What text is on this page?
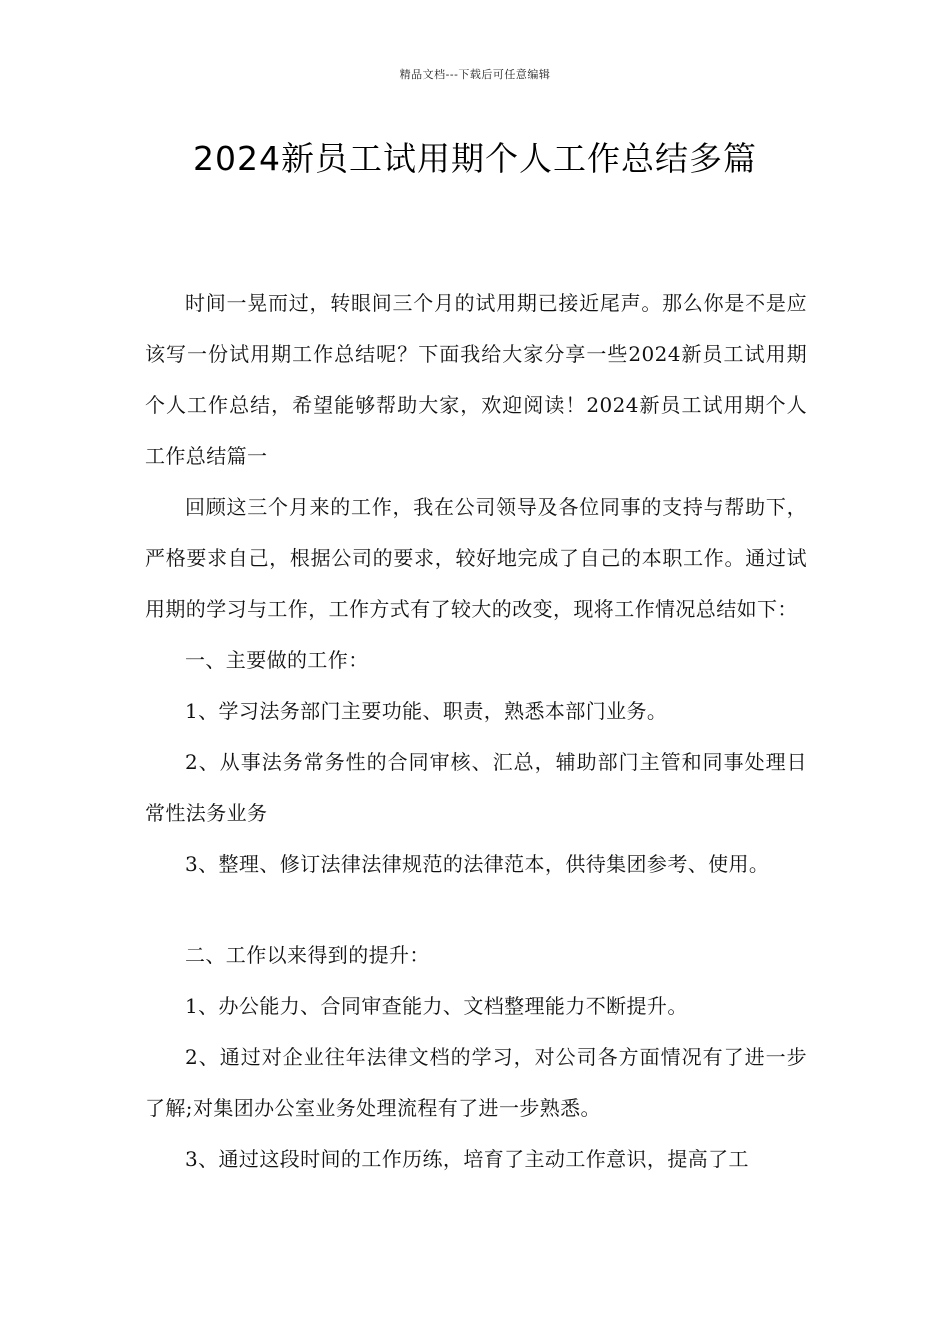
精品文档---下载后可任意编辑
2024新员工试用期个人工作总结多篇

时间一晃而过，转眼间三个月的试用期已接近尾声。那么你是不是应该写一份试用期工作总结呢？下面我给大家分享一些2024新员工试用期个人工作总结，希望能够帮助大家，欢迎阅读！2024新员工试用期个人工作总结篇一

回顾这三个月来的工作，我在公司领导及各位同事的支持与帮助下，严格要求自己，根据公司的要求，较好地完成了自己的本职工作。通过试用期的学习与工作，工作方式有了较大的改变，现将工作情况总结如下：

一、主要做的工作：

1、学习法务部门主要功能、职责，熟悉本部门业务。

2、从事法务常务性的合同审核、汇总，辅助部门主管和同事处理日常性法务业务

3、整理、修订法律法律规范的法律范本，供待集团参考、使用。

二、工作以来得到的提升：

1、办公能力、合同审查能力、文档整理能力不断提升。

2、通过对企业往年法律文档的学习，对公司各方面情况有了进一步了解;对集团办公室业务处理流程有了进一步熟悉。

3、通过这段时间的工作历练，培育了主动工作意识，提高了工
